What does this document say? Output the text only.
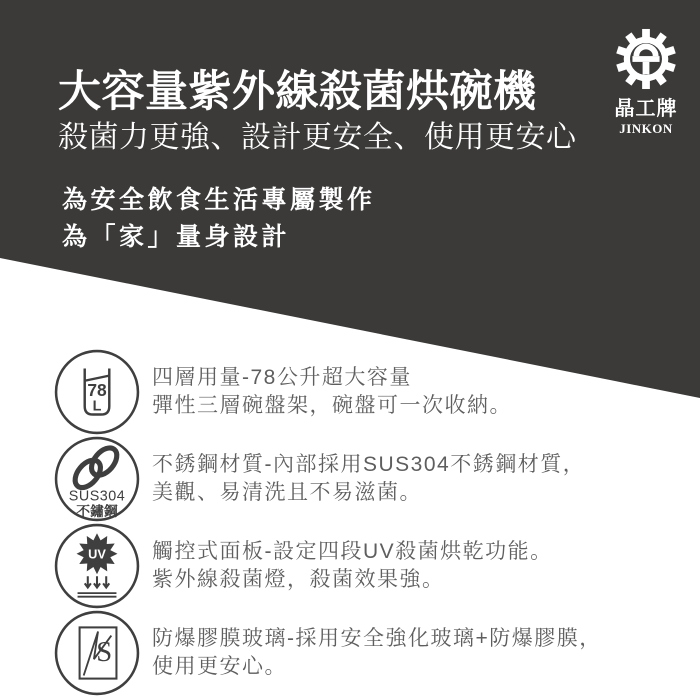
大容量紫外線殺菌烘碗機
殺菌力更強、設計更安全、使用更安心
為安全飲食生活專屬製作
為「家」量身設計
晶工牌
JINKON
78
L
四層用量-78公升超大容量
彈性三層碗盤架，碗盤可一次收納。
SUS304
不鏽鋼
不銹鋼材質-內部採用SUS304不銹鋼材質，
美觀、易清洗且不易滋菌。
UV 觸控式面板-設定四段UV殺菌烘乾功能。
紫外線殺菌燈，殺菌效果強。
S 防爆膠膜玻璃-採用安全強化玻璃+防爆膠膜，
使用更安心。
